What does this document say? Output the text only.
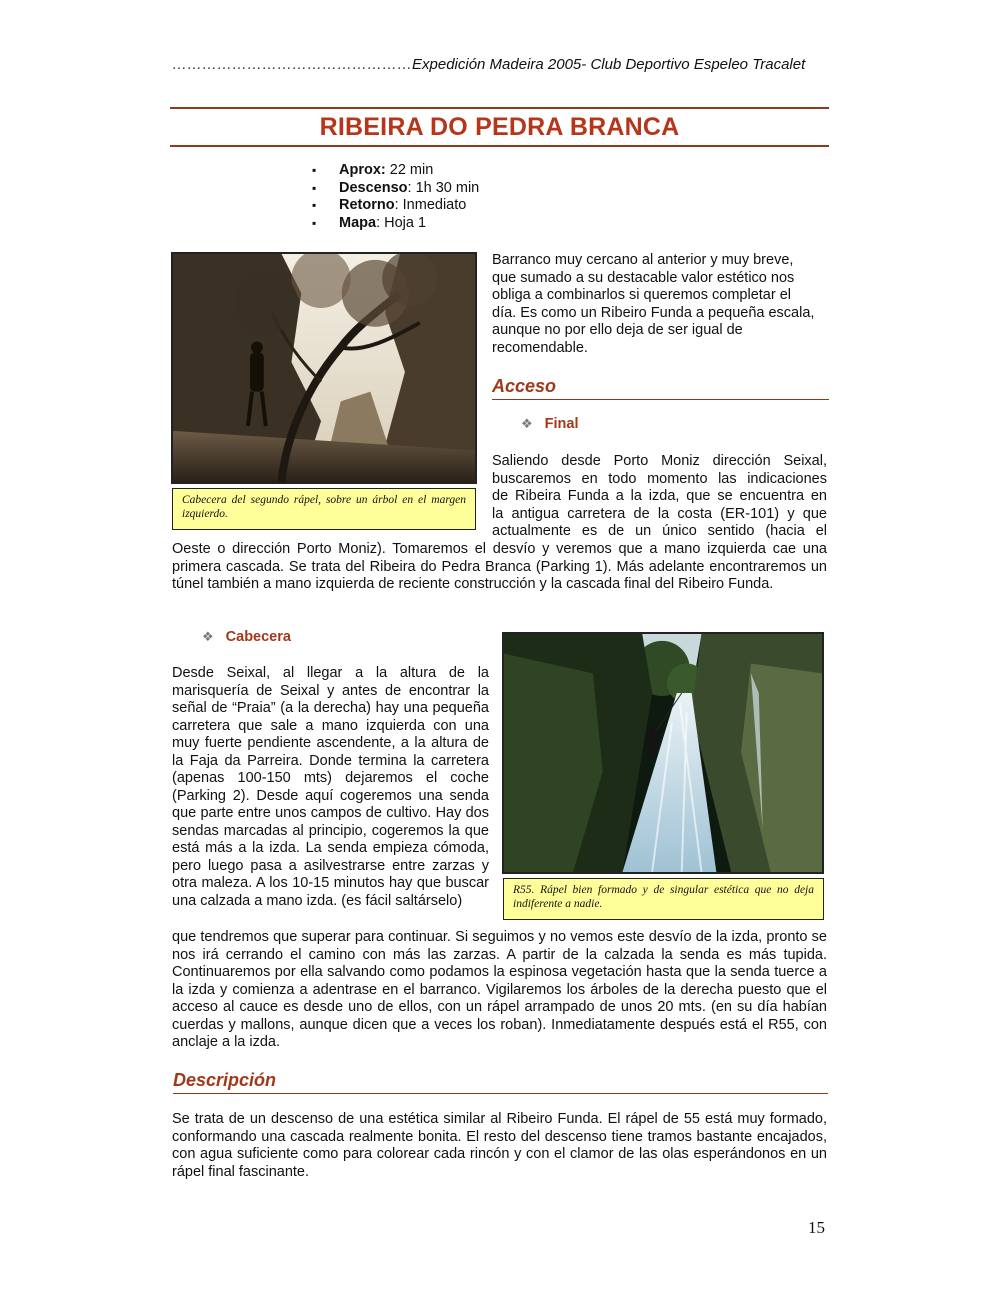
…………………………………………Expedición Madeira 2005- Club Deportivo Espeleo Tracalet
RIBEIRA DO PEDRA BRANCA
▪ Aprox: 22 min
▪ Descenso: 1h 30 min
▪ Retorno: Inmediato
▪ Mapa: Hoja 1
Cabecera del segundo rápel, sobre un árbol en el margen izquierdo.

Barranco muy cercano al anterior y muy breve, que sumado a su destacable valor estético nos obliga a combinarlos si queremos completar el día. Es como un Ribeiro Funda a pequeña escala, aunque no por ello deja de ser igual de recomendable.

Acceso
❖ Final

Saliendo desde Porto Moniz dirección Seixal,

buscaremos en todo momento las indicaciones

de Ribeira Funda a la izda, que se encuentra en

la antigua carretera de la costa (ER-101) y que

actualmente es de un único sentido (hacia el

Oeste o dirección Porto Moniz). Tomaremos el desvío y veremos que a mano izquierda cae una primera cascada. Se trata del Ribeira do Pedra Branca (Parking 1). Más adelante encontraremos un túnel también a mano izquierda de reciente construcción y la cascada final del Ribeiro Funda.

❖ Cabecera
R55. Rápel bien formado y de singular estética que no deja indiferente a nadie.

Desde Seixal, al llegar a la altura de la marisquería de Seixal y antes de encontrar la señal de “Praia” (a la derecha) hay una pequeña carretera que sale a mano izquierda con una muy fuerte pendiente ascendente, a la altura de la Faja da Parreira. Donde termina la carretera (apenas 100-150 mts) dejaremos el coche (Parking 2). Desde aquí cogeremos una senda que parte entre unos campos de cultivo. Hay dos sendas marcadas al principio, cogeremos la que está más a la izda. La senda empieza cómoda, pero luego pasa a asilvestrarse entre zarzas y otra maleza. A los 10-15 minutos hay que buscar una calzada a mano izda. (es fácil saltárselo)

que tendremos que superar para continuar. Si seguimos y no vemos este desvío de la izda, pronto se nos irá cerrando el camino con más las zarzas. A partir de la calzada la senda es más tupida. Continuaremos por ella salvando como podamos la espinosa vegetación hasta que la senda tuerce a la izda y comienza a adentrase en el barranco. Vigilaremos los árboles de la derecha puesto que el acceso al cauce es desde uno de ellos, con un rápel arrampado de unos 20 mts. (en su día habían cuerdas y mallons, aunque dicen que a veces los roban). Inmediatamente después está el R55, con anclaje a la izda.

Descripción

Se trata de un descenso de una estética similar al Ribeiro Funda. El rápel de 55 está muy formado, conformando una cascada realmente bonita. El resto del descenso tiene tramos bastante encajados, con agua suficiente como para colorear cada rincón y con el clamor de las olas esperándonos en un rápel final fascinante.

15
